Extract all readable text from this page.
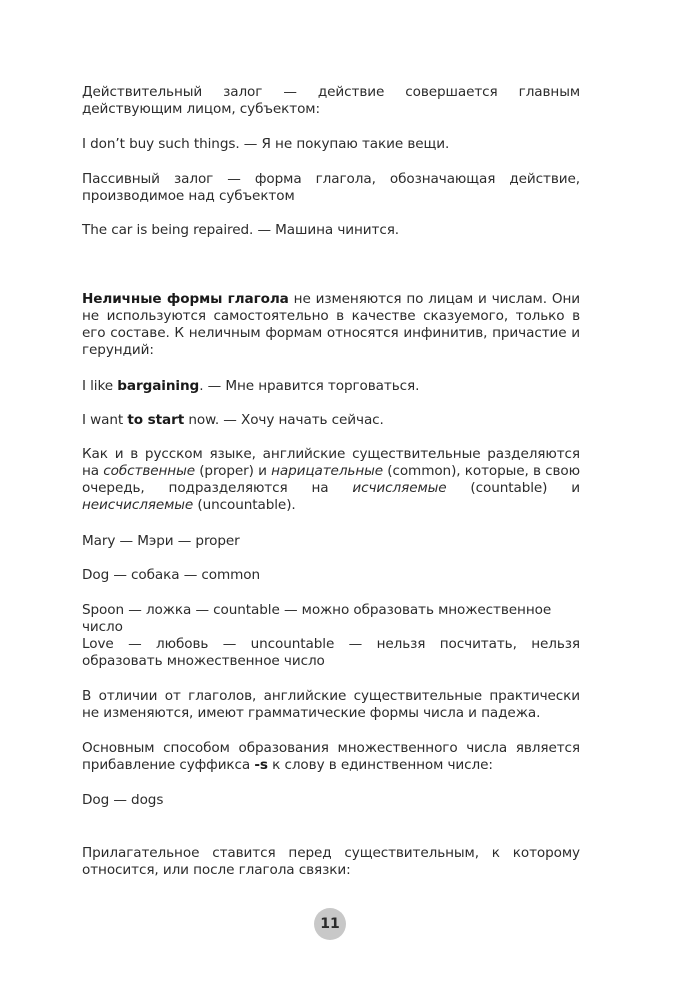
Действительный залог — действие совершается главным действующим лицом, субъектом:

I don’t buy such things. — Я не покупаю такие вещи.

Пассивный залог — форма глагола, обозначающая действие, производимое над субъектом

The car is being repaired. — Машина чинится.

Неличные формы глагола не изменяются по лицам и числам. Они не используются самостоятельно в качестве сказуемого, только в его составе. К неличным формам относятся инфинитив, причастие и герундий:

I like bargaining. — Мне нравится торговаться.

I want to start now. — Хочу начать сейчас.

Как и в русском языке, английские существительные разделяются на собственные (proper) и нарицательные (common), которые, в свою очередь, подразделяются на исчисляемые (countable) и неисчисляемые (uncountable).

Mary — Мэри — proper

Dog — собака — common

Spoon — ложка — countable — можно образовать множественное число

Love — любовь — uncountable — нельзя посчитать, нельзя образовать множественное число

В отличии от глаголов, английские существительные практически не изменяются, имеют грамматические формы числа и падежа.

Основным способом образования множественного числа является прибавление суффикса -s к слову в единственном числе:

Dog — dogs

Прилагательное ставится перед существительным, к которому относится, или после глагола связки:

11
